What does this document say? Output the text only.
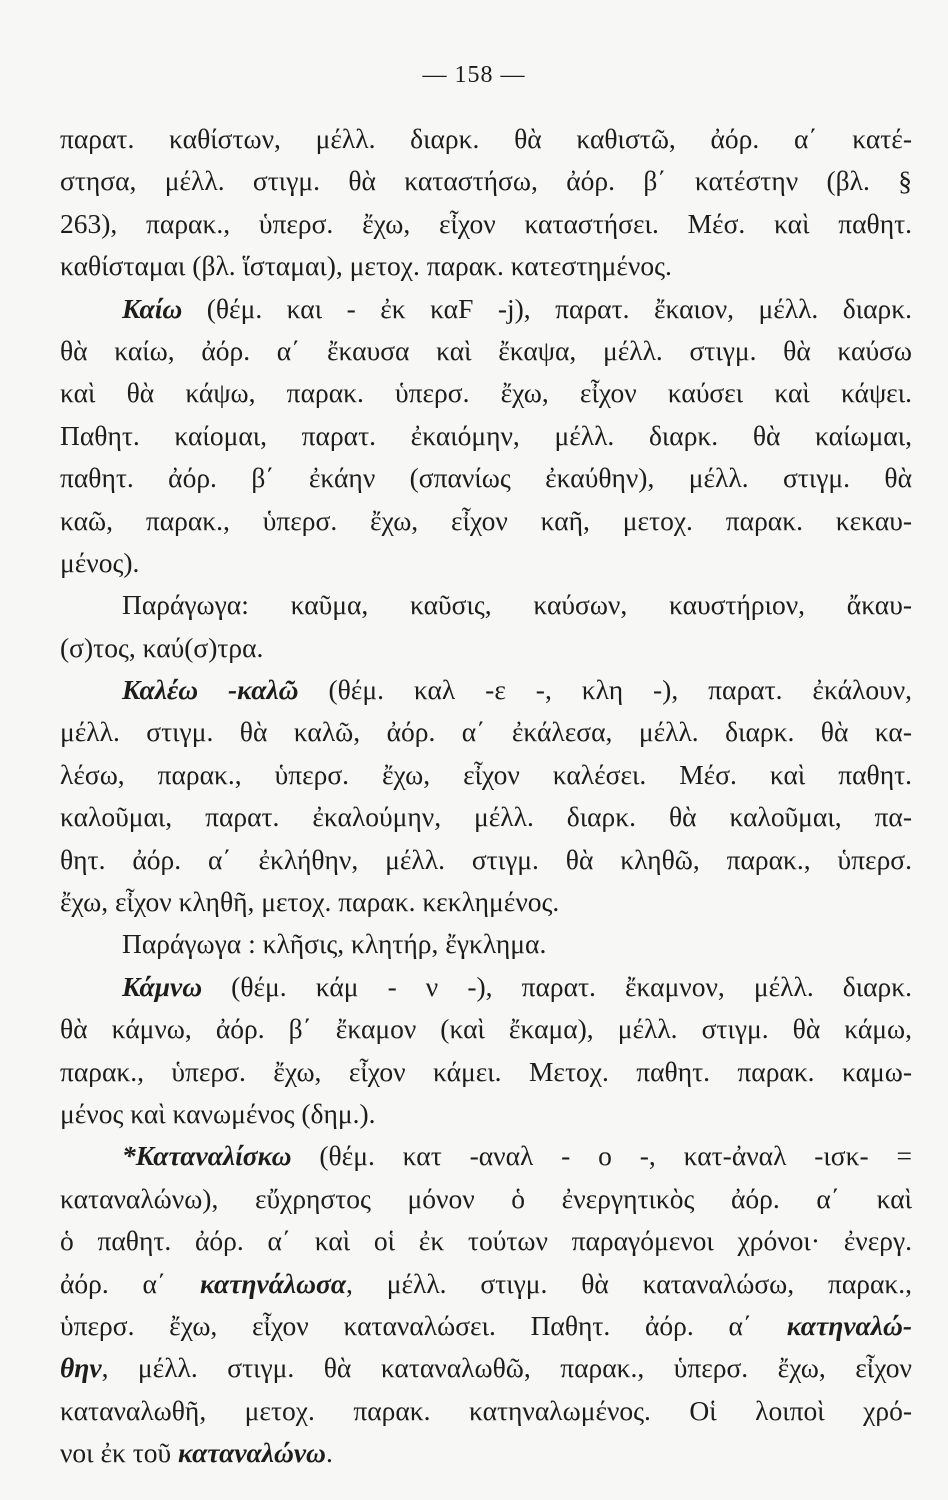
— 158 —
παρατ. καθίστων, μέλλ. διαρκ. θὰ καθιστῶ, ἀόρ. α΄ κατέ-
στησα, μέλλ. στιγμ. θὰ καταστήσω, ἀόρ. β΄ κατέστην (βλ. §
263), παρακ., ὑπερσ. ἔχω, εἶχον καταστήσει. Μέσ. καὶ παθητ.
καθίσταμαι (βλ. ἵσταμαι), μετοχ. παρακ. κατεστημένος.
Καίω (θέμ. και - ἐκ καϜ -j), παρατ. ἔκαιον, μέλλ. διαρκ.
θὰ καίω, ἀόρ. α΄ ἔκαυσα καὶ ἔκαψα, μέλλ. στιγμ. θὰ καύσω
καὶ θὰ κάψω, παρακ. ὑπερσ. ἔχω, εἶχον καύσει καὶ κάψει.
Παθητ. καίομαι, παρατ. ἐκαιόμην, μέλλ. διαρκ. θὰ καίωμαι,
παθητ. ἀόρ. β΄ ἐκάην (σπανίως ἐκαύθην), μέλλ. στιγμ. θὰ
καῶ, παρακ., ὑπερσ. ἔχω, εἶχον καῆ, μετοχ. παρακ. κεκαυ-
μένος).
Παράγωγα: καῦμα, καῦσις, καύσων, καυστήριον, ἄκαυ-
(σ)τος, καύ(σ)τρα.
Καλέω -καλῶ (θέμ. καλ -ε -, κλη -), παρατ. ἐκάλουν,
μέλλ. στιγμ. θὰ καλῶ, ἀόρ. α΄ ἐκάλεσα, μέλλ. διαρκ. θὰ κα-
λέσω, παρακ., ὑπερσ. ἔχω, εἶχον καλέσει. Μέσ. καὶ παθητ.
καλοῦμαι, παρατ. ἐκαλούμην, μέλλ. διαρκ. θὰ καλοῦμαι, πα-
θητ. ἀόρ. α΄ ἐκλήθην, μέλλ. στιγμ. θὰ κληθῶ, παρακ., ὑπερσ.
ἔχω, εἶχον κληθῆ, μετοχ. παρακ. κεκλημένος.
Παράγωγα : κλῆσις, κλητήρ, ἔγκλημα.
Κάμνω (θέμ. κάμ - ν -), παρατ. ἔκαμνον, μέλλ. διαρκ.
θὰ κάμνω, ἀόρ. β΄ ἔκαμον (καὶ ἔκαμα), μέλλ. στιγμ. θὰ κάμω,
παρακ., ὑπερσ. ἔχω, εἶχον κάμει. Μετοχ. παθητ. παρακ. καμω-
μένος καὶ κανωμένος (δημ.).
*Καταναλίσκω (θέμ. κατ -αναλ - ο -, κατ-ἀναλ -ισκ- =
καταναλώνω), εὔχρηστος μόνον ὁ ἐνεργητικὸς ἀόρ. α΄ καὶ
ὁ παθητ. ἀόρ. α΄ καὶ οἱ ἐκ τούτων παραγόμενοι χρόνοι· ἐνεργ.
ἀόρ. α΄ κατηνάλωσα, μέλλ. στιγμ. θὰ καταναλώσω, παρακ.,
ὑπερσ. ἔχω, εἶχον καταναλώσει. Παθητ. ἀόρ. α΄ κατηναλώ-
θην, μέλλ. στιγμ. θὰ καταναλωθῶ, παρακ., ὑπερσ. ἔχω, εἶχον
καταναλωθῆ, μετοχ. παρακ. κατηναλωμένος. Οἱ λοιποὶ χρό-
νοι ἐκ τοῦ καταναλώνω.
